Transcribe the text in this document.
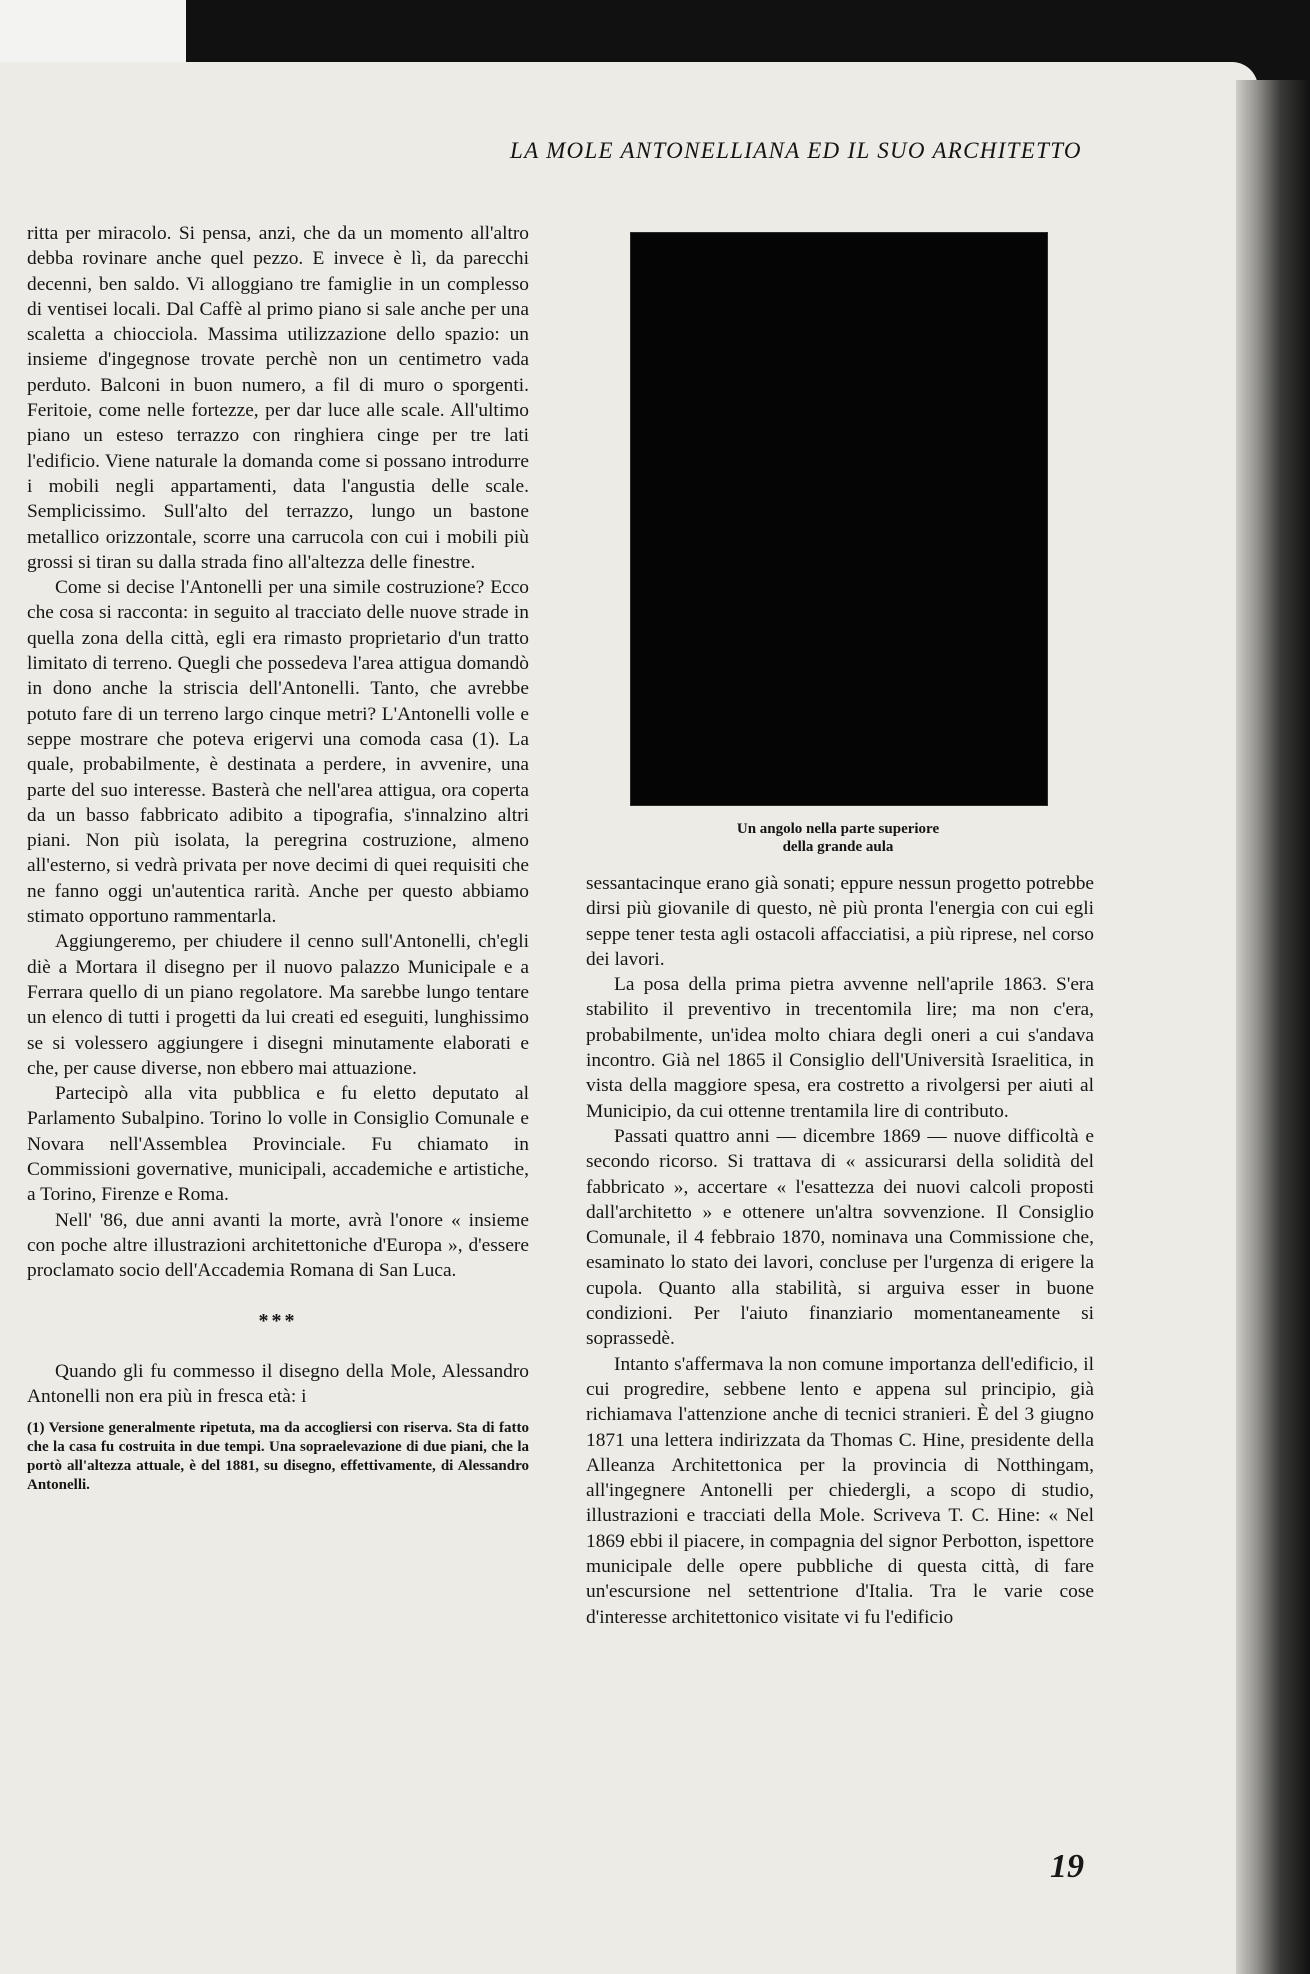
LA MOLE ANTONELLIANA ED IL SUO ARCHITETTO

ritta per miracolo. Si pensa, anzi, che da un momento all'altro debba rovinare anche quel pezzo. E invece è lì, da parecchi decenni, ben saldo. Vi alloggiano tre famiglie in un complesso di ventisei locali. Dal Caffè al primo piano si sale anche per una scaletta a chiocciola. Massima utilizzazione dello spazio: un insieme d'ingegnose trovate perchè non un centimetro vada perduto. Balconi in buon numero, a fil di muro o sporgenti. Feritoie, come nelle fortezze, per dar luce alle scale. All'ultimo piano un esteso terrazzo con ringhiera cinge per tre lati l'edificio. Viene naturale la domanda come si possano introdurre i mobili negli appartamenti, data l'angustia delle scale. Semplicissimo. Sull'alto del terrazzo, lungo un bastone metallico orizzontale, scorre una carrucola con cui i mobili più grossi si tiran su dalla strada fino all'altezza delle finestre.

Come si decise l'Antonelli per una simile costruzione? Ecco che cosa si racconta: in seguito al tracciato delle nuove strade in quella zona della città, egli era rimasto proprietario d'un tratto limitato di terreno. Quegli che possedeva l'area attigua domandò in dono anche la striscia dell'Antonelli. Tanto, che avrebbe potuto fare di un terreno largo cinque metri? L'Antonelli volle e seppe mostrare che poteva erigervi una comoda casa (1). La quale, probabilmente, è destinata a perdere, in avvenire, una parte del suo interesse. Basterà che nell'area attigua, ora coperta da un basso fabbricato adibito a tipografia, s'innalzino altri piani. Non più isolata, la peregrina costruzione, almeno all'esterno, si vedrà privata per nove decimi di quei requisiti che ne fanno oggi un'autentica rarità. Anche per questo abbiamo stimato opportuno rammentarla.

Aggiungeremo, per chiudere il cenno sull'Antonelli, ch'egli diè a Mortara il disegno per il nuovo palazzo Municipale e a Ferrara quello di un piano regolatore. Ma sarebbe lungo tentare un elenco di tutti i progetti da lui creati ed eseguiti, lunghissimo se si volessero aggiungere i disegni minutamente elaborati e che, per cause diverse, non ebbero mai attuazione.

Partecipò alla vita pubblica e fu eletto deputato al Parlamento Subalpino. Torino lo volle in Consiglio Comunale e Novara nell'Assemblea Provinciale. Fu chiamato in Commissioni governative, municipali, accademiche e artistiche, a Torino, Firenze e Roma.

Nell' '86, due anni avanti la morte, avrà l'onore « insieme con poche altre illustrazioni architettoniche d'Europa », d'essere proclamato socio dell'Accademia Romana di San Luca.

***

Quando gli fu commesso il disegno della Mole, Alessandro Antonelli non era più in fresca età: i

(1) Versione generalmente ripetuta, ma da accogliersi con riserva. Sta di fatto che la casa fu costruita in due tempi. Una sopraelevazione di due piani, che la portò all'altezza attuale, è del 1881, su disegno, effettivamente, di Alessandro Antonelli.
Un angolo nella parte superiore
della grande aula

sessantacinque erano già sonati; eppure nessun progetto potrebbe dirsi più giovanile di questo, nè più pronta l'energia con cui egli seppe tener testa agli ostacoli affacciatisi, a più riprese, nel corso dei lavori.

La posa della prima pietra avvenne nell'aprile 1863. S'era stabilito il preventivo in trecentomila lire; ma non c'era, probabilmente, un'idea molto chiara degli oneri a cui s'andava incontro. Già nel 1865 il Consiglio dell'Università Israelitica, in vista della maggiore spesa, era costretto a rivolgersi per aiuti al Municipio, da cui ottenne trentamila lire di contributo.

Passati quattro anni — dicembre 1869 — nuove difficoltà e secondo ricorso. Si trattava di « assicurarsi della solidità del fabbricato », accertare « l'esattezza dei nuovi calcoli proposti dall'architetto » e ottenere un'altra sovvenzione. Il Consiglio Comunale, il 4 febbraio 1870, nominava una Commissione che, esaminato lo stato dei lavori, concluse per l'urgenza di erigere la cupola. Quanto alla stabilità, si arguiva esser in buone condizioni. Per l'aiuto finanziario momentaneamente si soprassedè.

Intanto s'affermava la non comune importanza dell'edificio, il cui progredire, sebbene lento e appena sul principio, già richiamava l'attenzione anche di tecnici stranieri. È del 3 giugno 1871 una lettera indirizzata da Thomas C. Hine, presidente della Alleanza Architettonica per la provincia di Notthingam, all'ingegnere Antonelli per chiedergli, a scopo di studio, illustrazioni e tracciati della Mole. Scriveva T. C. Hine: « Nel 1869 ebbi il piacere, in compagnia del signor Perbotton, ispettore municipale delle opere pubbliche di questa città, di fare un'escursione nel settentrione d'Italia. Tra le varie cose d'interesse architettonico visitate vi fu l'edificio

19
